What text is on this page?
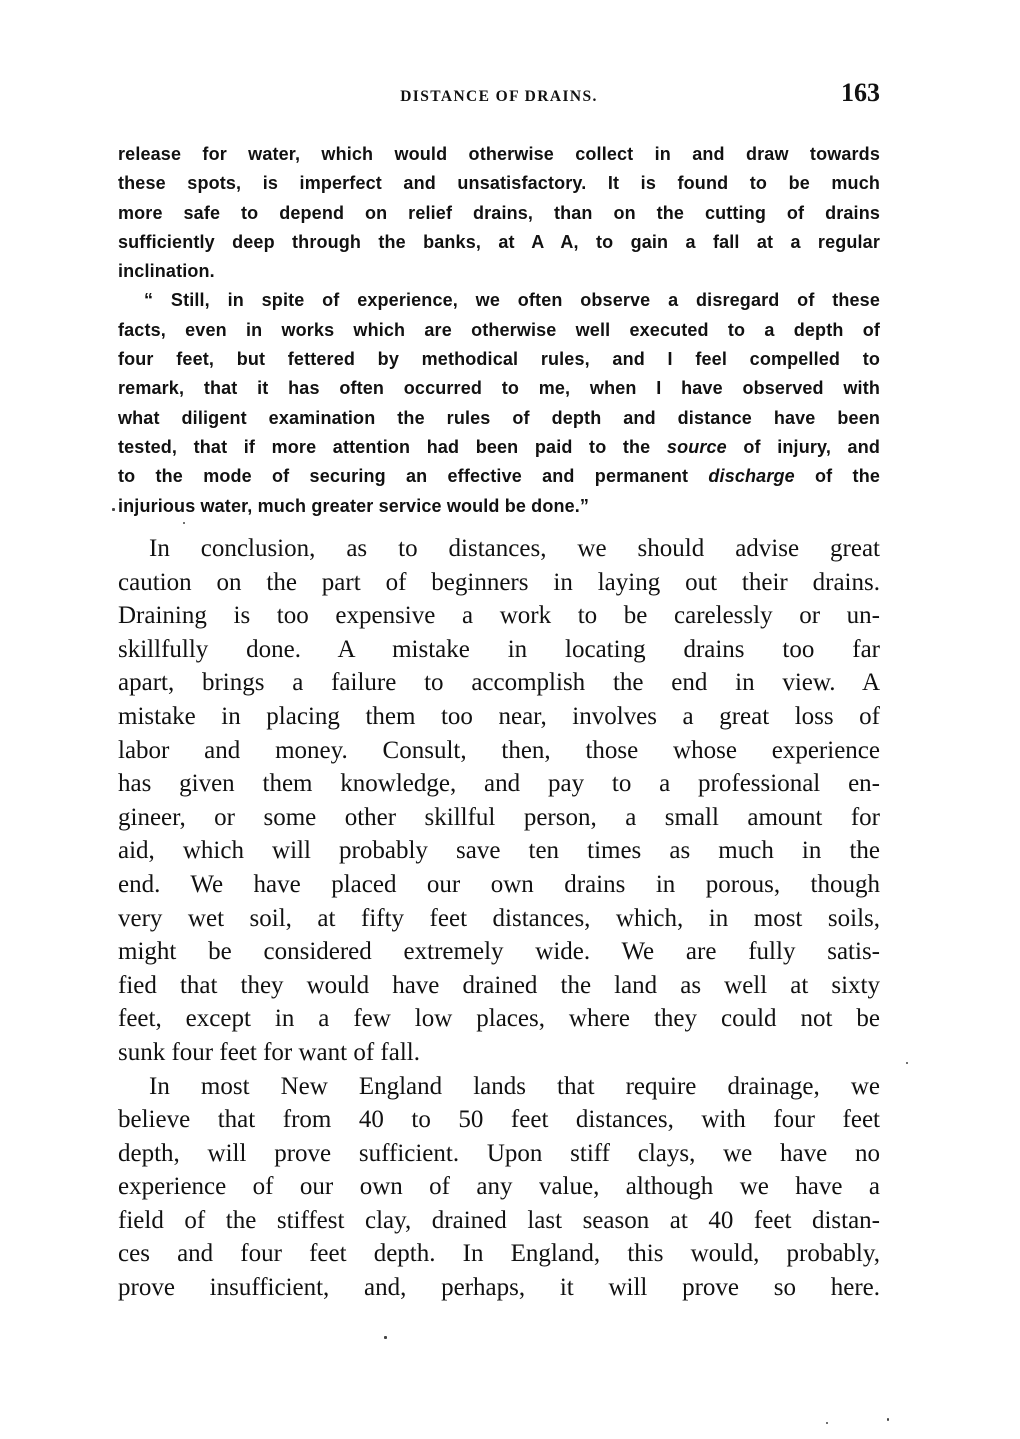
DISTANCE OF DRAINS.	163

release for water, which would otherwise collect in and draw towards
these spots, is imperfect and unsatisfactory. It is found to be much
more safe to depend on relief drains, than on the cutting of drains
sufficiently deep through the banks, at A A, to gain a fall at a regular
inclination.

“ Still, in spite of experience, we often observe a disregard of these
facts, even in works which are otherwise well executed to a depth of
four feet, but fettered by methodical rules, and I feel compelled to
remark, that it has often occurred to me, when I have observed with
what diligent examination the rules of depth and distance have been
tested, that if more attention had been paid to the source of injury, and
to the mode of securing an effective and permanent discharge of the
injurious water, much greater service would be done.”

In conclusion, as to distances, we should advise great
caution on the part of beginners in laying out their drains.
Draining is too expensive a work to be carelessly or un-
skillfully done. A mistake in locating drains too far
apart, brings a failure to accomplish the end in view. A
mistake in placing them too near, involves a great loss of
labor and money. Consult, then, those whose experience
has given them knowledge, and pay to a professional en-
gineer, or some other skillful person, a small amount for
aid, which will probably save ten times as much in the
end. We have placed our own drains in porous, though
very wet soil, at fifty feet distances, which, in most soils,
might be considered extremely wide. We are fully satis-
fied that they would have drained the land as well at sixty
feet, except in a few low places, where they could not be
sunk four feet for want of fall.

In most New England lands that require drainage, we
believe that from 40 to 50 feet distances, with four feet
depth, will prove sufficient. Upon stiff clays, we have no
experience of our own of any value, although we have a
field of the stiffest clay, drained last season at 40 feet distan-
ces and four feet depth. In England, this would, probably,
prove insufficient, and, perhaps, it will prove so here.
